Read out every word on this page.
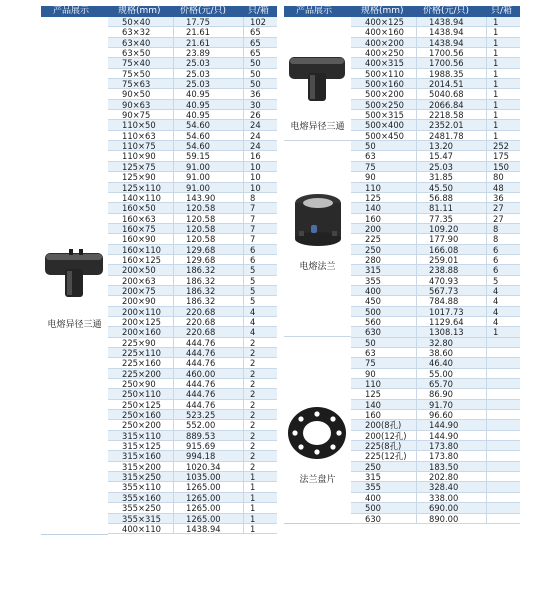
产品展示	规格(mm)	价格(元/只)	只/箱
电熔异径三通
50×40	17.75	102
63×32	21.61	65
63×40	21.61	65
63×50	23.89	65
75×40	25.03	50
75×50	25.03	50
75×63	25.03	50
90×50	40.95	36
90×63	40.95	30
90×75	40.95	26
110×50	54.60	24
110×63	54.60	24
110×75	54.60	24
110×90	59.15	16
125×75	91.00	10
125×90	91.00	10
125×110	91.00	10
140×110	143.90	8
160×50	120.58	7
160×63	120.58	7
160×75	120.58	7
160×90	120.58	7
160×110	129.68	6
160×125	129.68	6
200×50	186.32	5
200×63	186.32	5
200×75	186.32	5
200×90	186.32	5
200×110	220.68	4
200×125	220.68	4
200×160	220.68	4
225×90	444.76	2
225×110	444.76	2
225×160	444.76	2
225×200	460.00	2
250×90	444.76	2
250×110	444.76	2
250×125	444.76	2
250×160	523.25	2
250×200	552.00	2
315×110	889.53	2
315×125	915.69	2
315×160	994.18	2
315×200	1020.34	2
315×250	1035.00	1
355×110	1265.00	1
355×160	1265.00	1
355×250	1265.00	1
355×315	1265.00	1
400×110	1438.94	1
产品展示	规格(mm)	价格(元/只)	只/箱
电熔异径三通
电熔法兰
法兰盘片
400×125	1438.94	1
400×160	1438.94	1
400×200	1438.94	1
400×250	1700.56	1
400×315	1700.56	1
500×110	1988.35	1
500×160	2014.51	1
500×200	5040.68	1
500×250	2066.84	1
500×315	2218.58	1
500×400	2352.01	1
500×450	2481.78	1
50	13.20	252
63	15.47	175
75	25.03	150
90	31.85	80
110	45.50	48
125	56.88	36
140	81.11	27
160	77.35	27
200	109.20	8
225	177.90	8
250	166.08	6
280	259.01	6
315	238.88	6
355	470.93	5
400	567.73	4
450	784.88	4
500	1017.73	4
560	1129.64	4
630	1308.13	1
50	32.80
63	38.60
75	46.40
90	55.00
110	65.70
125	86.90
140	91.70
160	96.60
200(8孔)	144.90
200(12孔)	144.90
225(8孔)	173.80
225(12孔)	173.80
250	183.50
315	202.80
355	328.40
400	338.00
500	690.00
630	890.00
